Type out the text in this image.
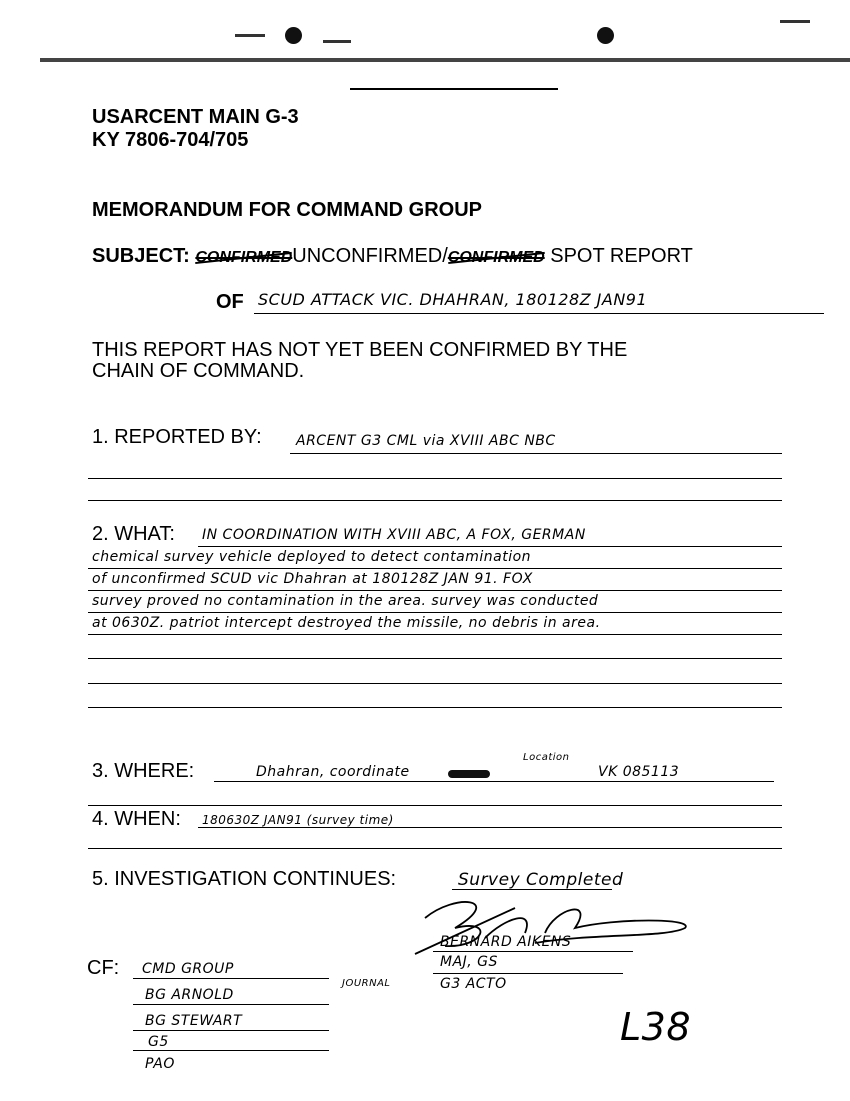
USARCENT MAIN G-3
KY 7806-704/705
MEMORANDUM FOR COMMAND GROUP
SUBJECT: CONFIRMEDUNCONFIRMED/CONFIRMED SPOT REPORT
OF SCUD ATTACK VIC. DHAHRAN, 180128Z JAN91
THIS REPORT HAS NOT YET BEEN CONFIRMED BY THE
CHAIN OF COMMAND.
1. REPORTED BY: ARCENT G3 CML via XVIII ABC NBC
2. WHAT: IN COORDINATION WITH XVIII ABC, A FOX, GERMAN
chemical survey vehicle deployed to detect contamination
of unconfirmed SCUD vic Dhahran at 180128Z JAN 91. FOX
survey proved no contamination in the area. survey was conducted
at 0630Z. patriot intercept destroyed the missile, no debris in area.
3. WHERE:	Dhahran, coordinate
Location
VK 085113
4. WHEN: 180630Z JAN91 (survey time)
5. INVESTIGATION CONTINUES:	Survey Completed
BERNARD AIKENS
MAJ, GS
G3 ACTO
CF: CMD GROUP
BG ARNOLD
BG STEWART
G5
PAO
JOURNAL
L38
